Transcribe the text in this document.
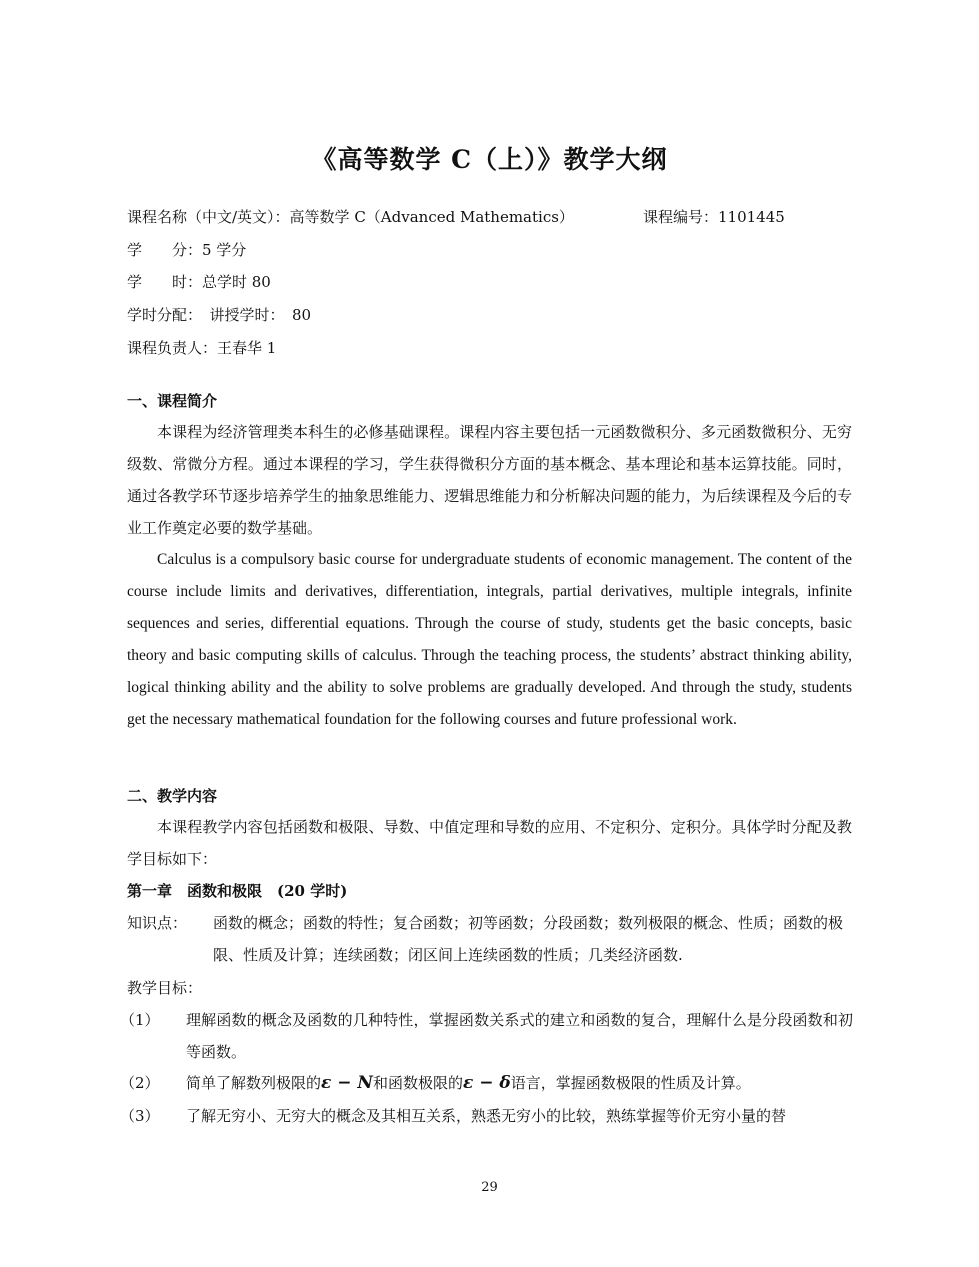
《高等数学 C（上）》教学大纲
课程名称（中文/英文）：高等数学 C（Advanced Mathematics）	课程编号：1101445
学　　分：5 学分
学　　时：总学时 80
学时分配：　讲授学时：　80
课程负责人：王春华 1
一、课程简介
本课程为经济管理类本科生的必修基础课程。课程内容主要包括一元函数微积分、多元函数微积分、无穷级数、常微分方程。通过本课程的学习，学生获得微积分方面的基本概念、基本理论和基本运算技能。同时，通过各教学环节逐步培养学生的抽象思维能力、逻辑思维能力和分析解决问题的能力，为后续课程及今后的专业工作奠定必要的数学基础。
Calculus is a compulsory basic course for undergraduate students of economic management. The content of the course include limits and derivatives, differentiation, integrals, partial derivatives, multiple integrals, infinite sequences and series, differential equations. Through the course of study, students get the basic concepts, basic theory and basic computing skills of calculus. Through the teaching process, the students’ abstract thinking ability, logical thinking ability and the ability to solve problems are gradually developed. And through the study, students get the necessary mathematical foundation for the following courses and future professional work.
二、教学内容
本课程教学内容包括函数和极限、导数、中值定理和导数的应用、不定积分、定积分。具体学时分配及教学目标如下：
第一章　函数和极限　(20 学时)
知识点： 函数的概念；函数的特性；复合函数；初等函数；分段函数；数列极限的概念、性质；函数的极限、性质及计算；连续函数；闭区间上连续函数的性质；几类经济函数.
教学目标：
（1） 理解函数的概念及函数的几种特性，掌握函数关系式的建立和函数的复合，理解什么是分段函数和初等函数。
（2） 简单了解数列极限的ε − N和函数极限的ε − δ语言，掌握函数极限的性质及计算。
（3） 了解无穷小、无穷大的概念及其相互关系，熟悉无穷小的比较，熟练掌握等价无穷小量的替
29
